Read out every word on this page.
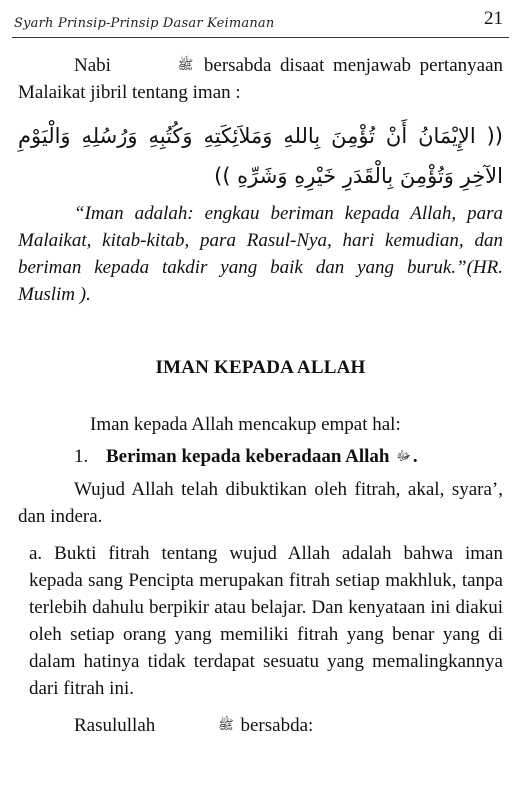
Syarh Prinsip-Prinsip Dasar Keimanan	21

Nabi	ﷺ bersabda disaat menjawab pertanyaan Malaikat jibril tentang iman :

(( الإِيْمَانُ أَنْ تُؤْمِنَ بِاللهِ وَمَلاَئِكَتِهِ وَكُتُبِهِ وَرُسُلِهِ وَالْيَوْمِ الآخِرِ وَتُؤْمِنَ بِالْقَدَرِ خَيْرِهِ وَشَرِّهِ ))

“Iman adalah: engkau beriman kepada Allah, para Malaikat, kitab-kitab, para Rasul-Nya, hari kemudian, dan beriman kepada takdir yang baik dan yang buruk.”(HR. Muslim ).

IMAN KEPADA ALLAH

Iman kepada Allah mencakup empat hal:

1. Beriman kepada keberadaan Allah ﷻ .

Wujud Allah telah dibuktikan oleh fitrah, akal, syara’, dan indera.

a. Bukti fitrah tentang wujud Allah adalah bahwa iman kepada sang Pencipta merupakan fitrah setiap makhluk, tanpa terlebih dahulu berpikir atau belajar. Dan kenyataan ini diakui oleh setiap orang yang memiliki fitrah yang benar yang di dalam hatinya tidak terdapat sesuatu yang memalingkannya dari fitrah ini.

Rasulullah	ﷺ bersabda:
